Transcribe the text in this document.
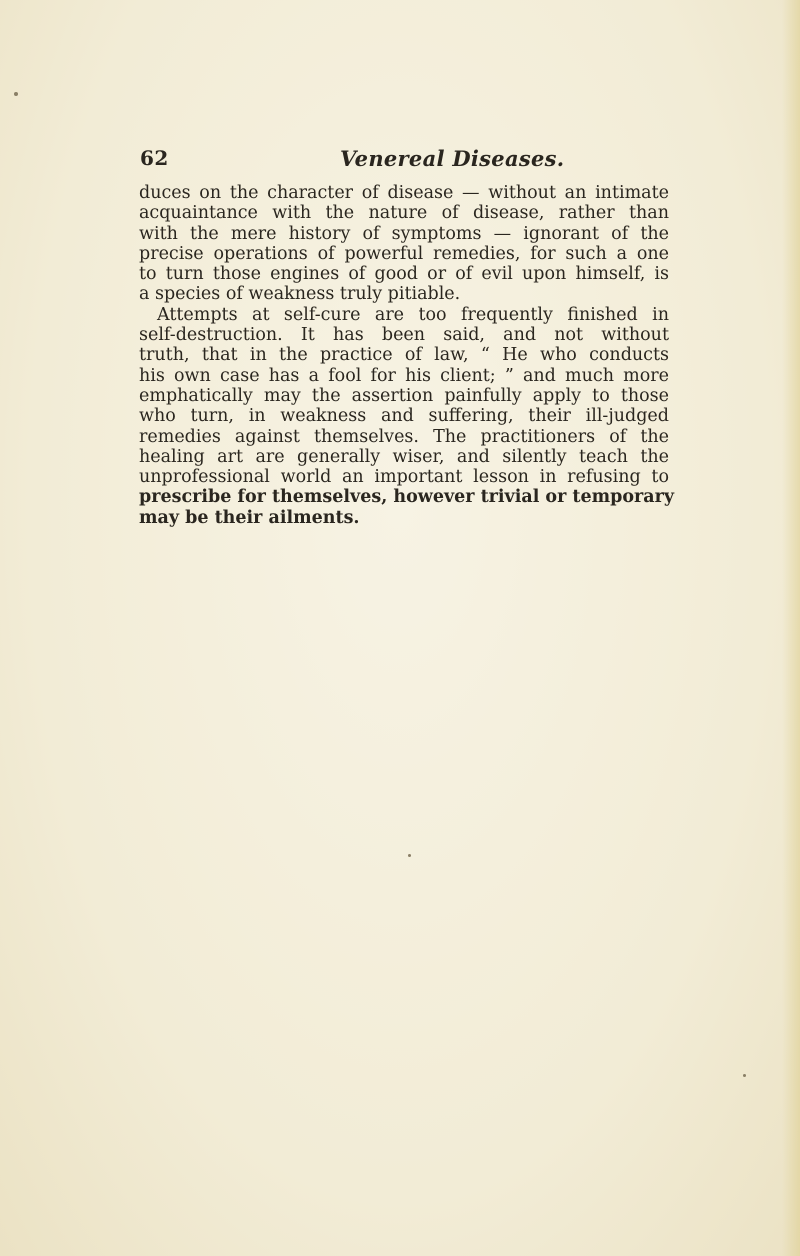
62	Venereal Diseases.
duces on the character of disease — without an intimate
acquaintance with the nature of disease, rather than
with the mere history of symptoms — ignorant of the
precise operations of powerful remedies, for such a one
to turn those engines of good or of evil upon himself, is
a species of weakness truly pitiable.
Attempts at self-cure are too frequently finished in
self-destruction. It has been said, and not without
truth, that in the practice of law, “ He who conducts
his own case has a fool for his client; ” and much more
emphatically may the assertion painfully apply to those
who turn, in weakness and suffering, their ill-judged
remedies against themselves. The practitioners of the
healing art are generally wiser, and silently teach the
unprofessional world an important lesson in refusing to
prescribe for themselves, however trivial or temporary
may be their ailments.
